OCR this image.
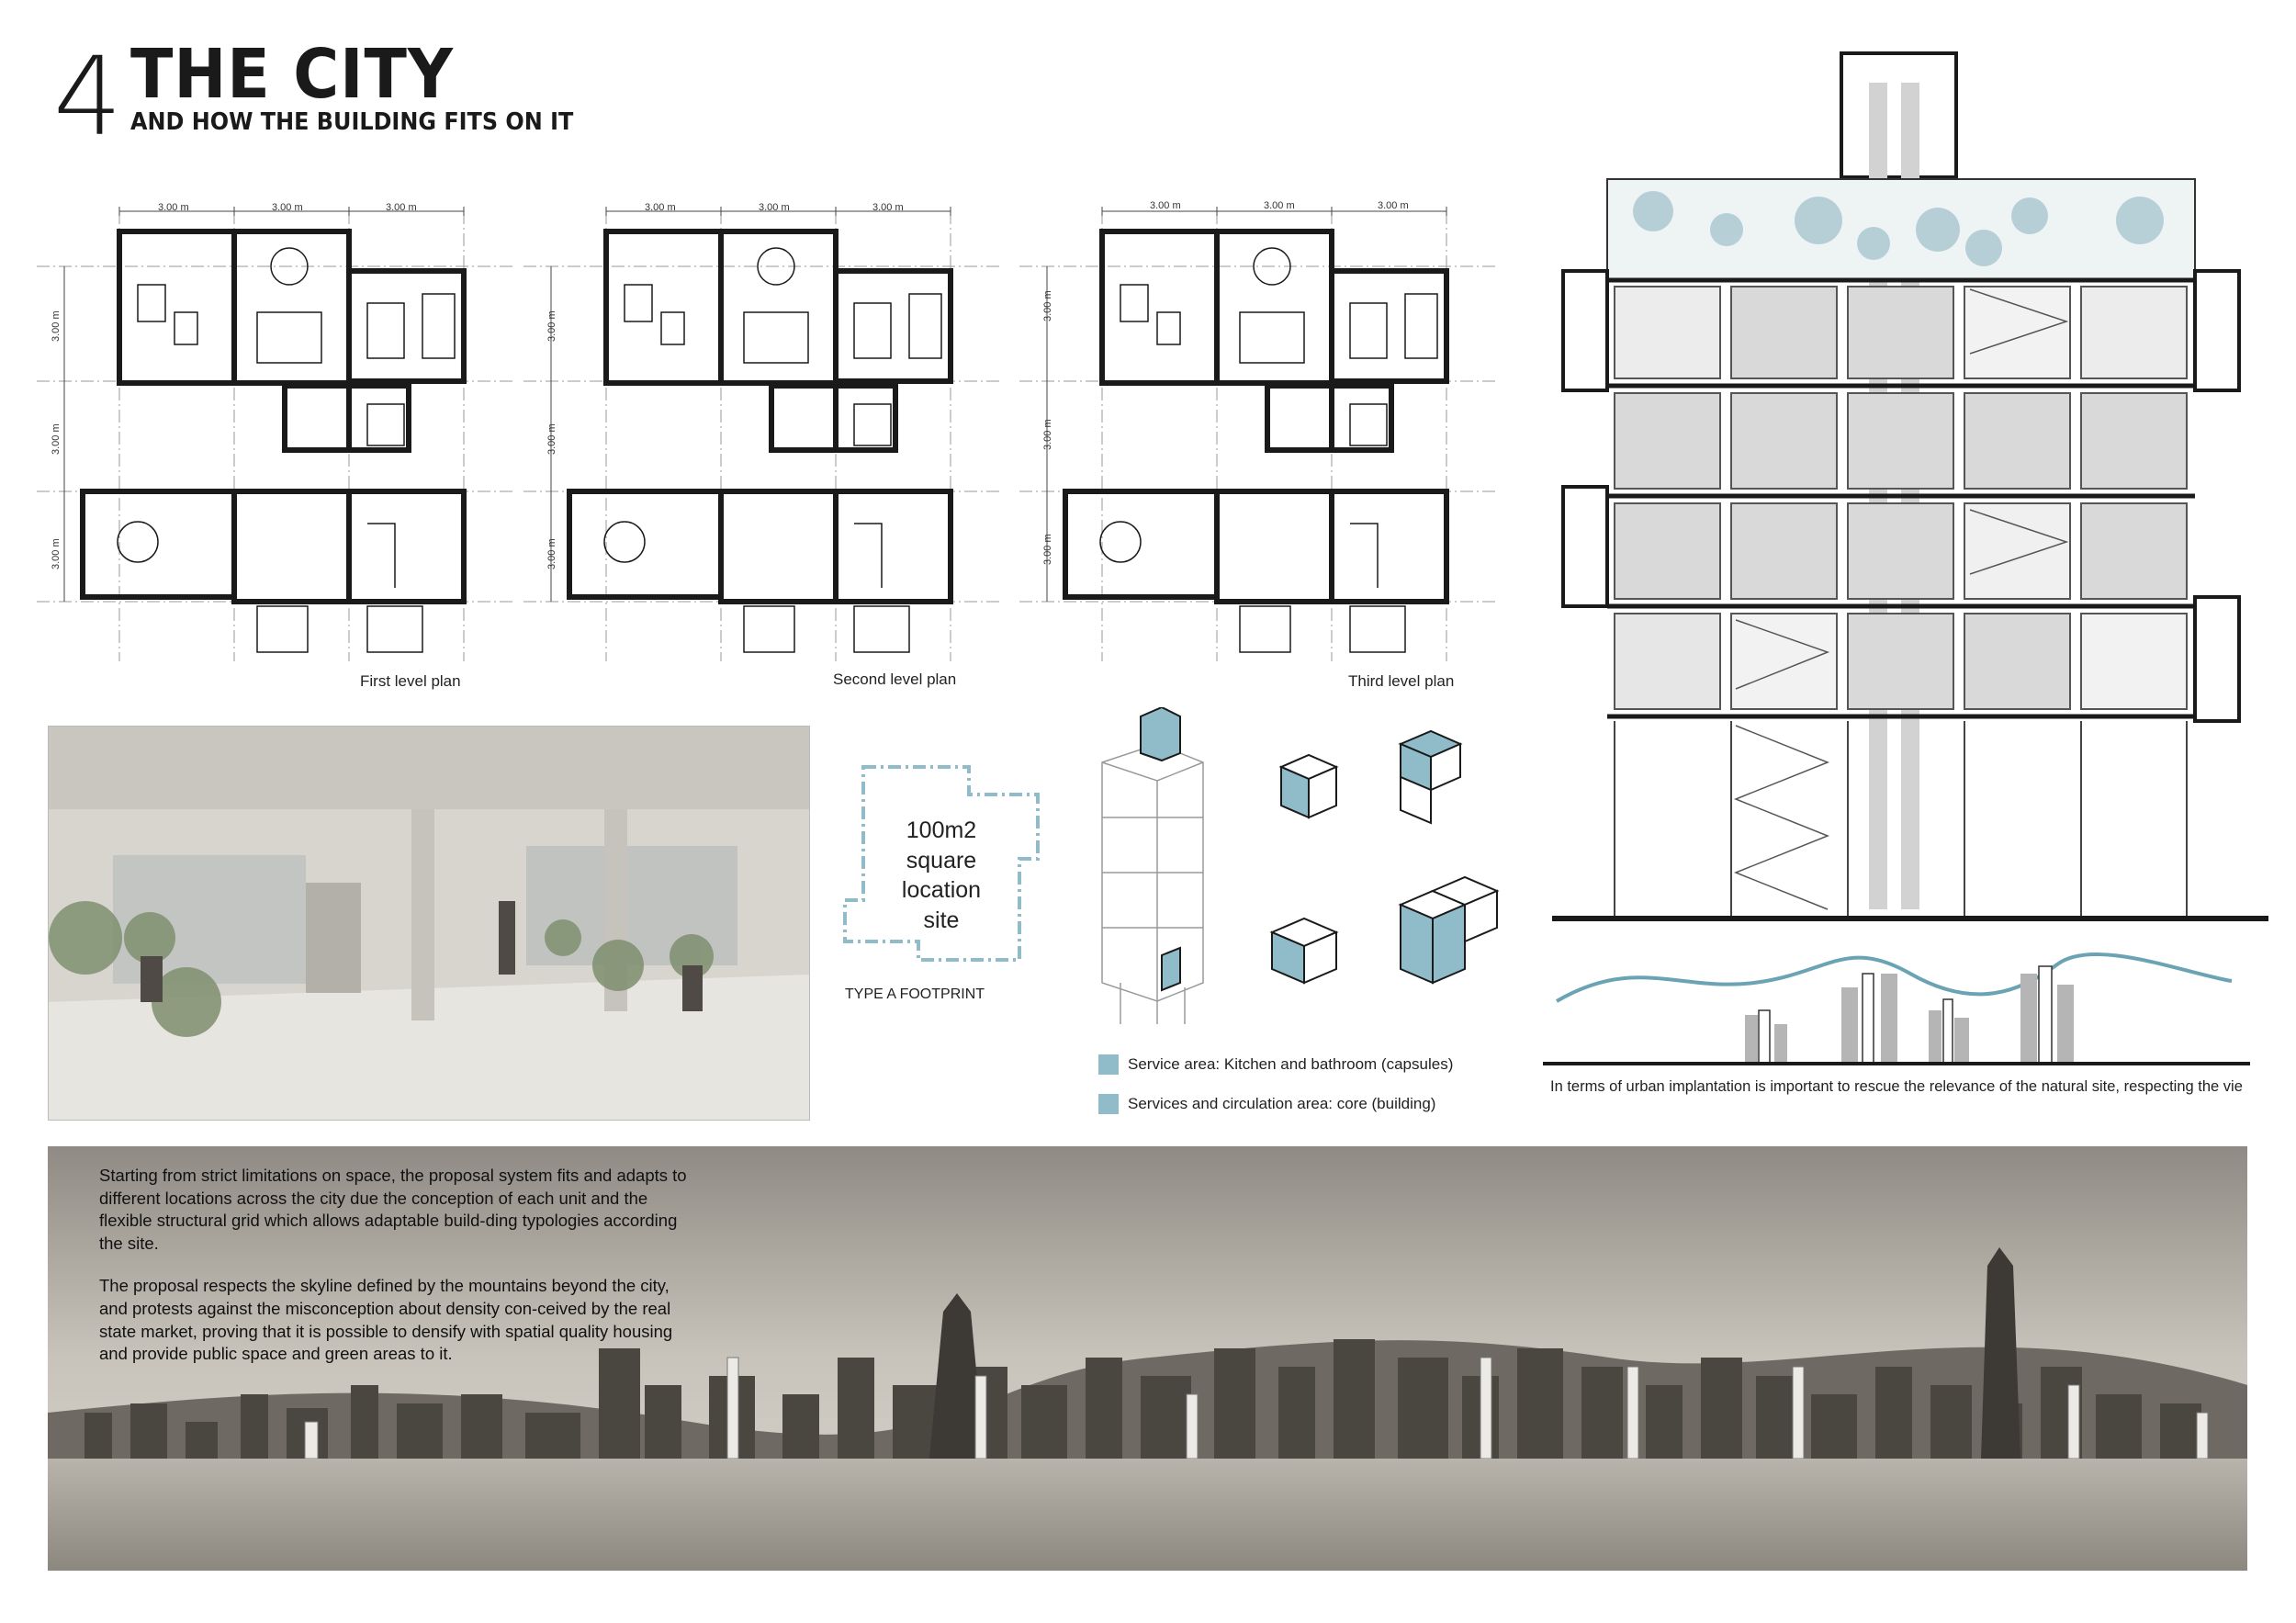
4 THE CITY
AND HOW THE BUILDING FITS ON IT
3.00 m	3.00 m	3.00 m
3.00 m
3.00 m
3.00 m
First level plan
3.00 m	3.00 m	3.00 m
3.00 m
3.00 m
3.00 m
Second level plan
3.00 m	3.00 m	3.00 m
3.00 m
3.00 m
3.00 m
Third level plan
In terms of urban implantation is important to rescue the relevance of the natural site, respecting the vie
100m2
square
location
site
TYPE A FOOTPRINT
Service area: Kitchen and bathroom (capsules)
Services and circulation area: core (building)

Starting from strict limitations on space, the proposal system fits and adapts to different locations across the city due the conception of each unit and the flexible structural grid which allows adaptable build-ding typologies according the site.

The proposal respects the skyline defined by the mountains beyond the city, and protests against the misconception about density con-ceived by the real state market, proving that it is possible to densify with spatial quality housing and provide public space and green areas to it.
